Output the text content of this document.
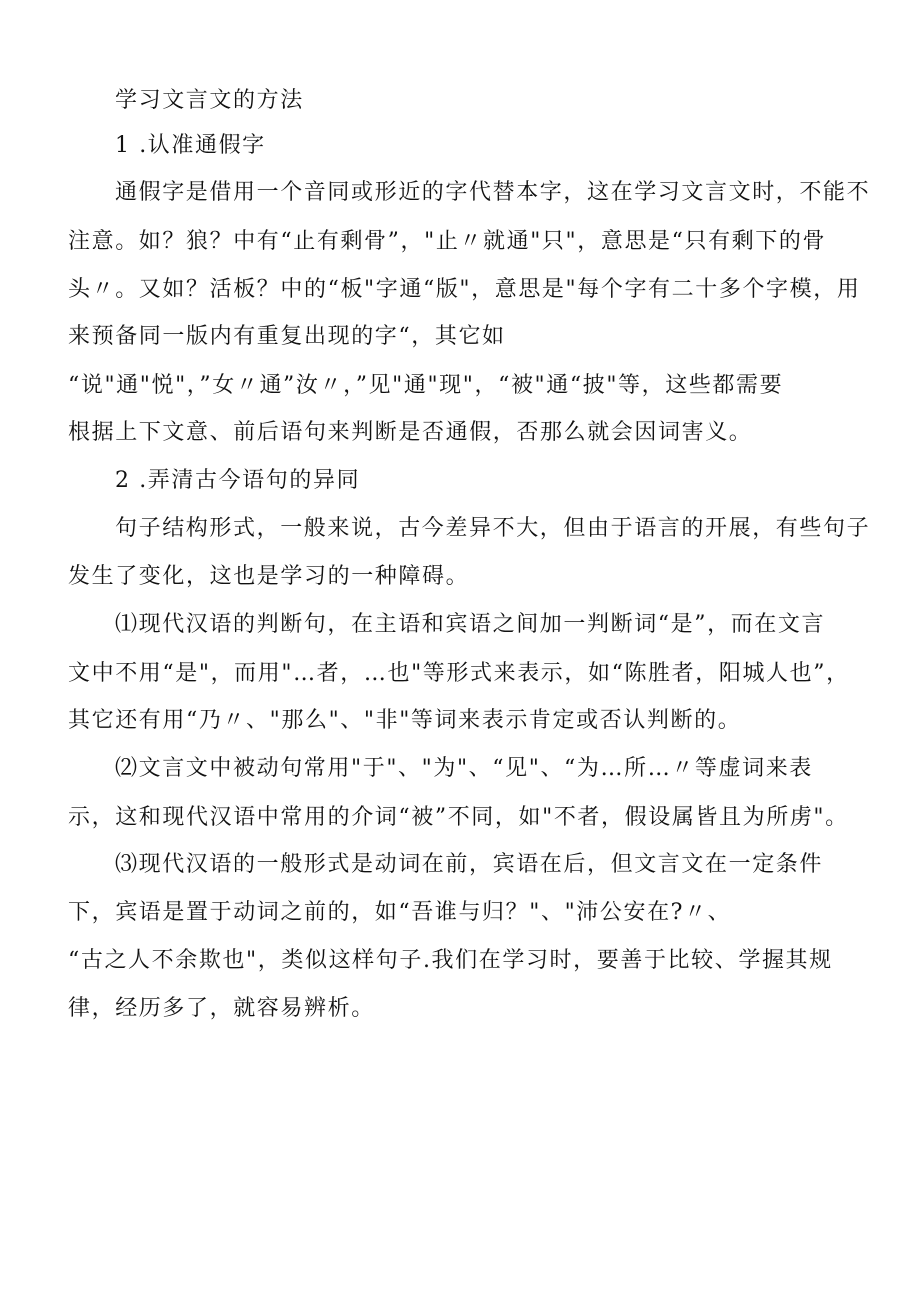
学习文言文的方法
1 .认准通假字
通假字是借用一个音同或形近的字代替本字，这在学习文言文时，不能不
注意。如？狼？中有“止有剩骨”，"止〃就通"只"，意思是“只有剩下的骨
头〃。又如？活板？中的“板"字通“版"，意思是"每个字有二十多个字模，用
来预备同一版内有重复出现的字“，其它如
“说"通"悦"，”女〃通”汝〃，”见"通"现"，“被"通“披"等，这些都需要
根据上下文意、前后语句来判断是否通假，否那么就会因词害义。
2 .弄清古今语句的异同
句子结构形式，一般来说，古今差异不大，但由于语言的开展，有些句子
发生了变化，这也是学习的一种障碍。
⑴现代汉语的判断句，在主语和宾语之间加一判断词“是”，而在文言
文中不用“是"，而用"…者，…也"等形式来表示，如“陈胜者，阳城人也”，
其它还有用“乃〃、"那么"、"非"等词来表示肯定或否认判断的。
⑵文言文中被动句常用"于"、"为"、“见"、“为…所…〃等虚词来表
示，这和现代汉语中常用的介词“被”不同，如"不者，假设属皆且为所虏"。
⑶现代汉语的一般形式是动词在前，宾语在后，但文言文在一定条件
下，宾语是置于动词之前的，如“吾谁与归？"、"沛公安在?〃、
“古之人不余欺也"，类似这样句子.我们在学习时，要善于比较、学握其规
律，经历多了，就容易辨析。
